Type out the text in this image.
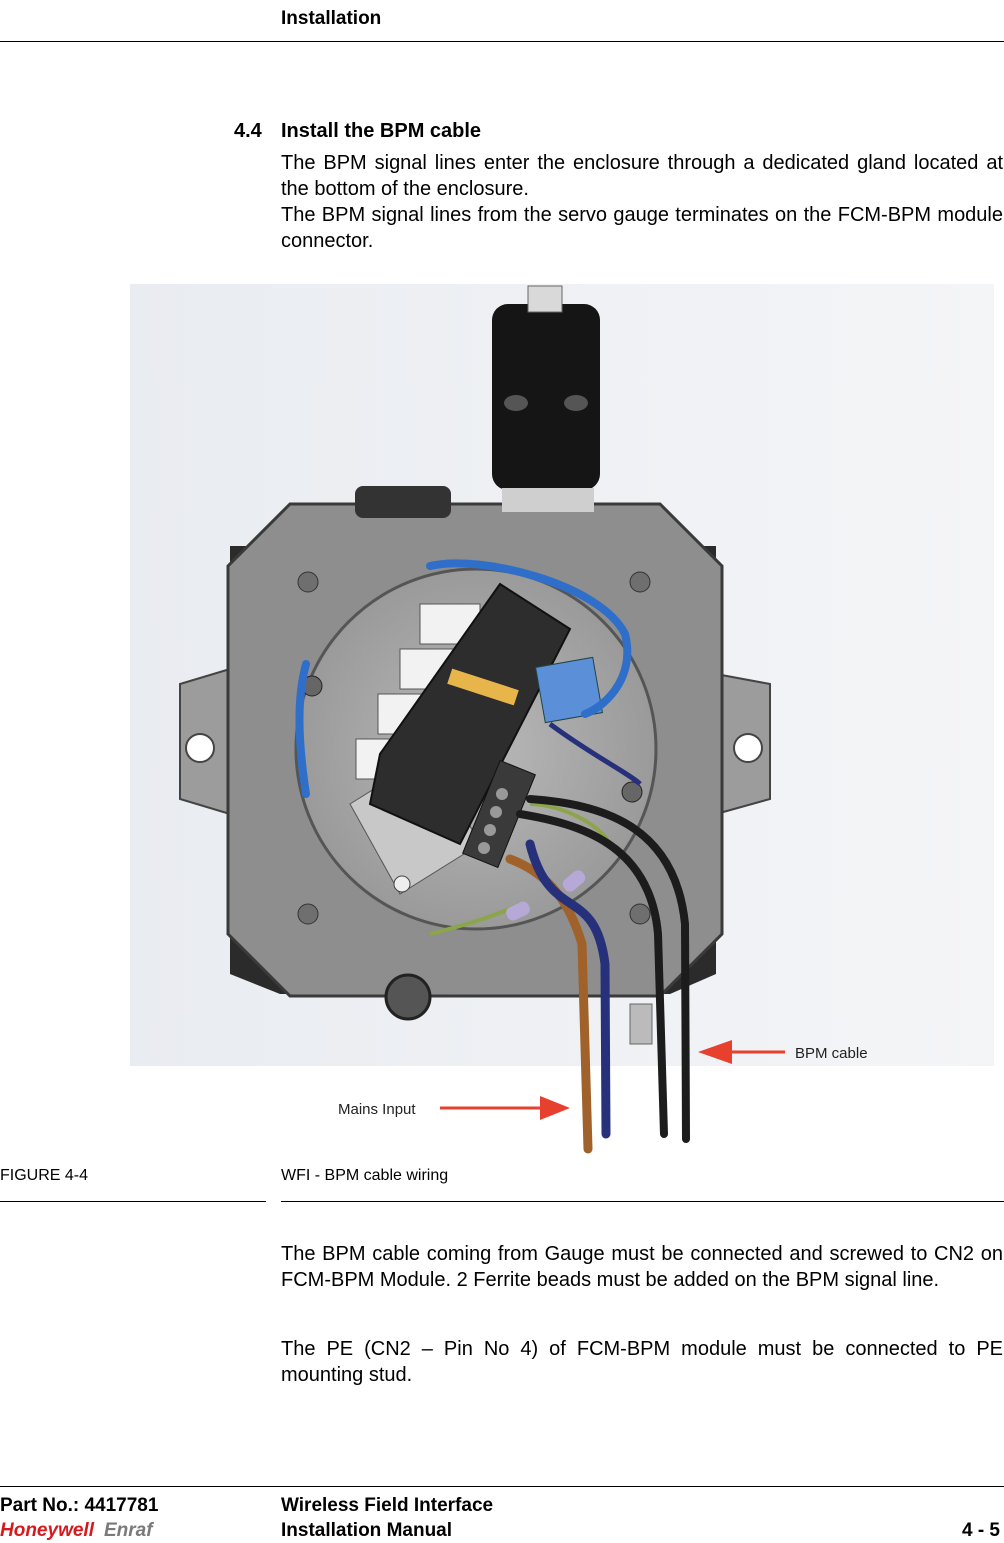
Installation
4.4 Install the BPM cable

The BPM signal lines enter the enclosure through a dedicated gland located at the bottom of the enclosure.

The BPM signal lines from the servo gauge terminates on the FCM-BPM module connector.

BPM cable
Mains Input
FIGURE 4-4	WFI - BPM cable wiring

The BPM cable coming from Gauge must be connected and screwed to CN2 on FCM-BPM Module. 2 Ferrite beads must be added on the BPM signal line.

The PE (CN2 – Pin No 4) of FCM-BPM module must be connected to PE mounting stud.

Part No.: 4417781
Honeywell Enraf
Wireless Field Interface
Installation Manual	4 - 5
